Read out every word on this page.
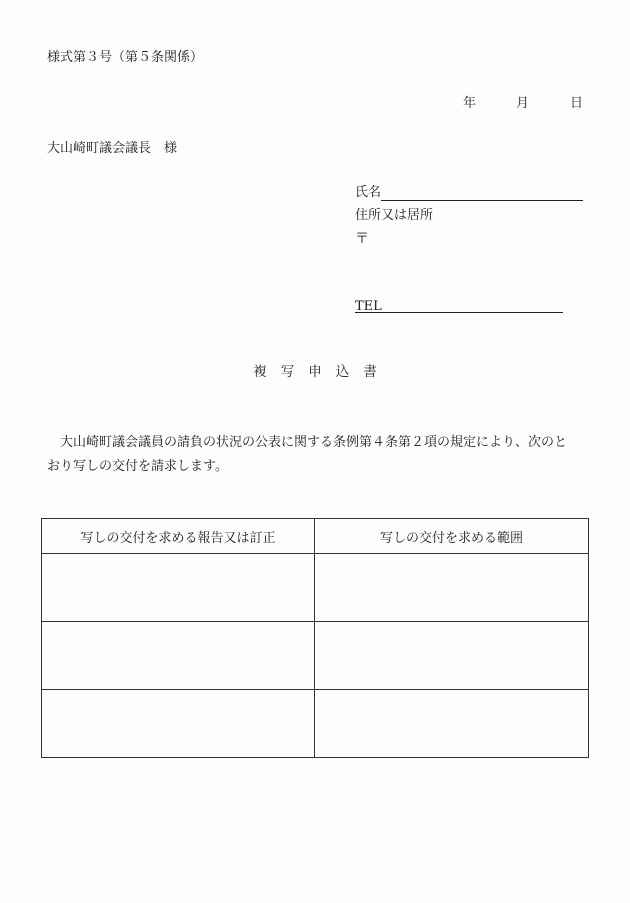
様式第３号（第５条関係）
年	月	日
大山崎町議会議長　様
氏名
住所又は居所
〒
TEL
複写申込書
大山崎町議会議員の請負の状況の公表に関する条例第４条第２項の規定により、次のと
おり写しの交付を請求します。
写しの交付を求める報告又は訂正	写しの交付を求める範囲
